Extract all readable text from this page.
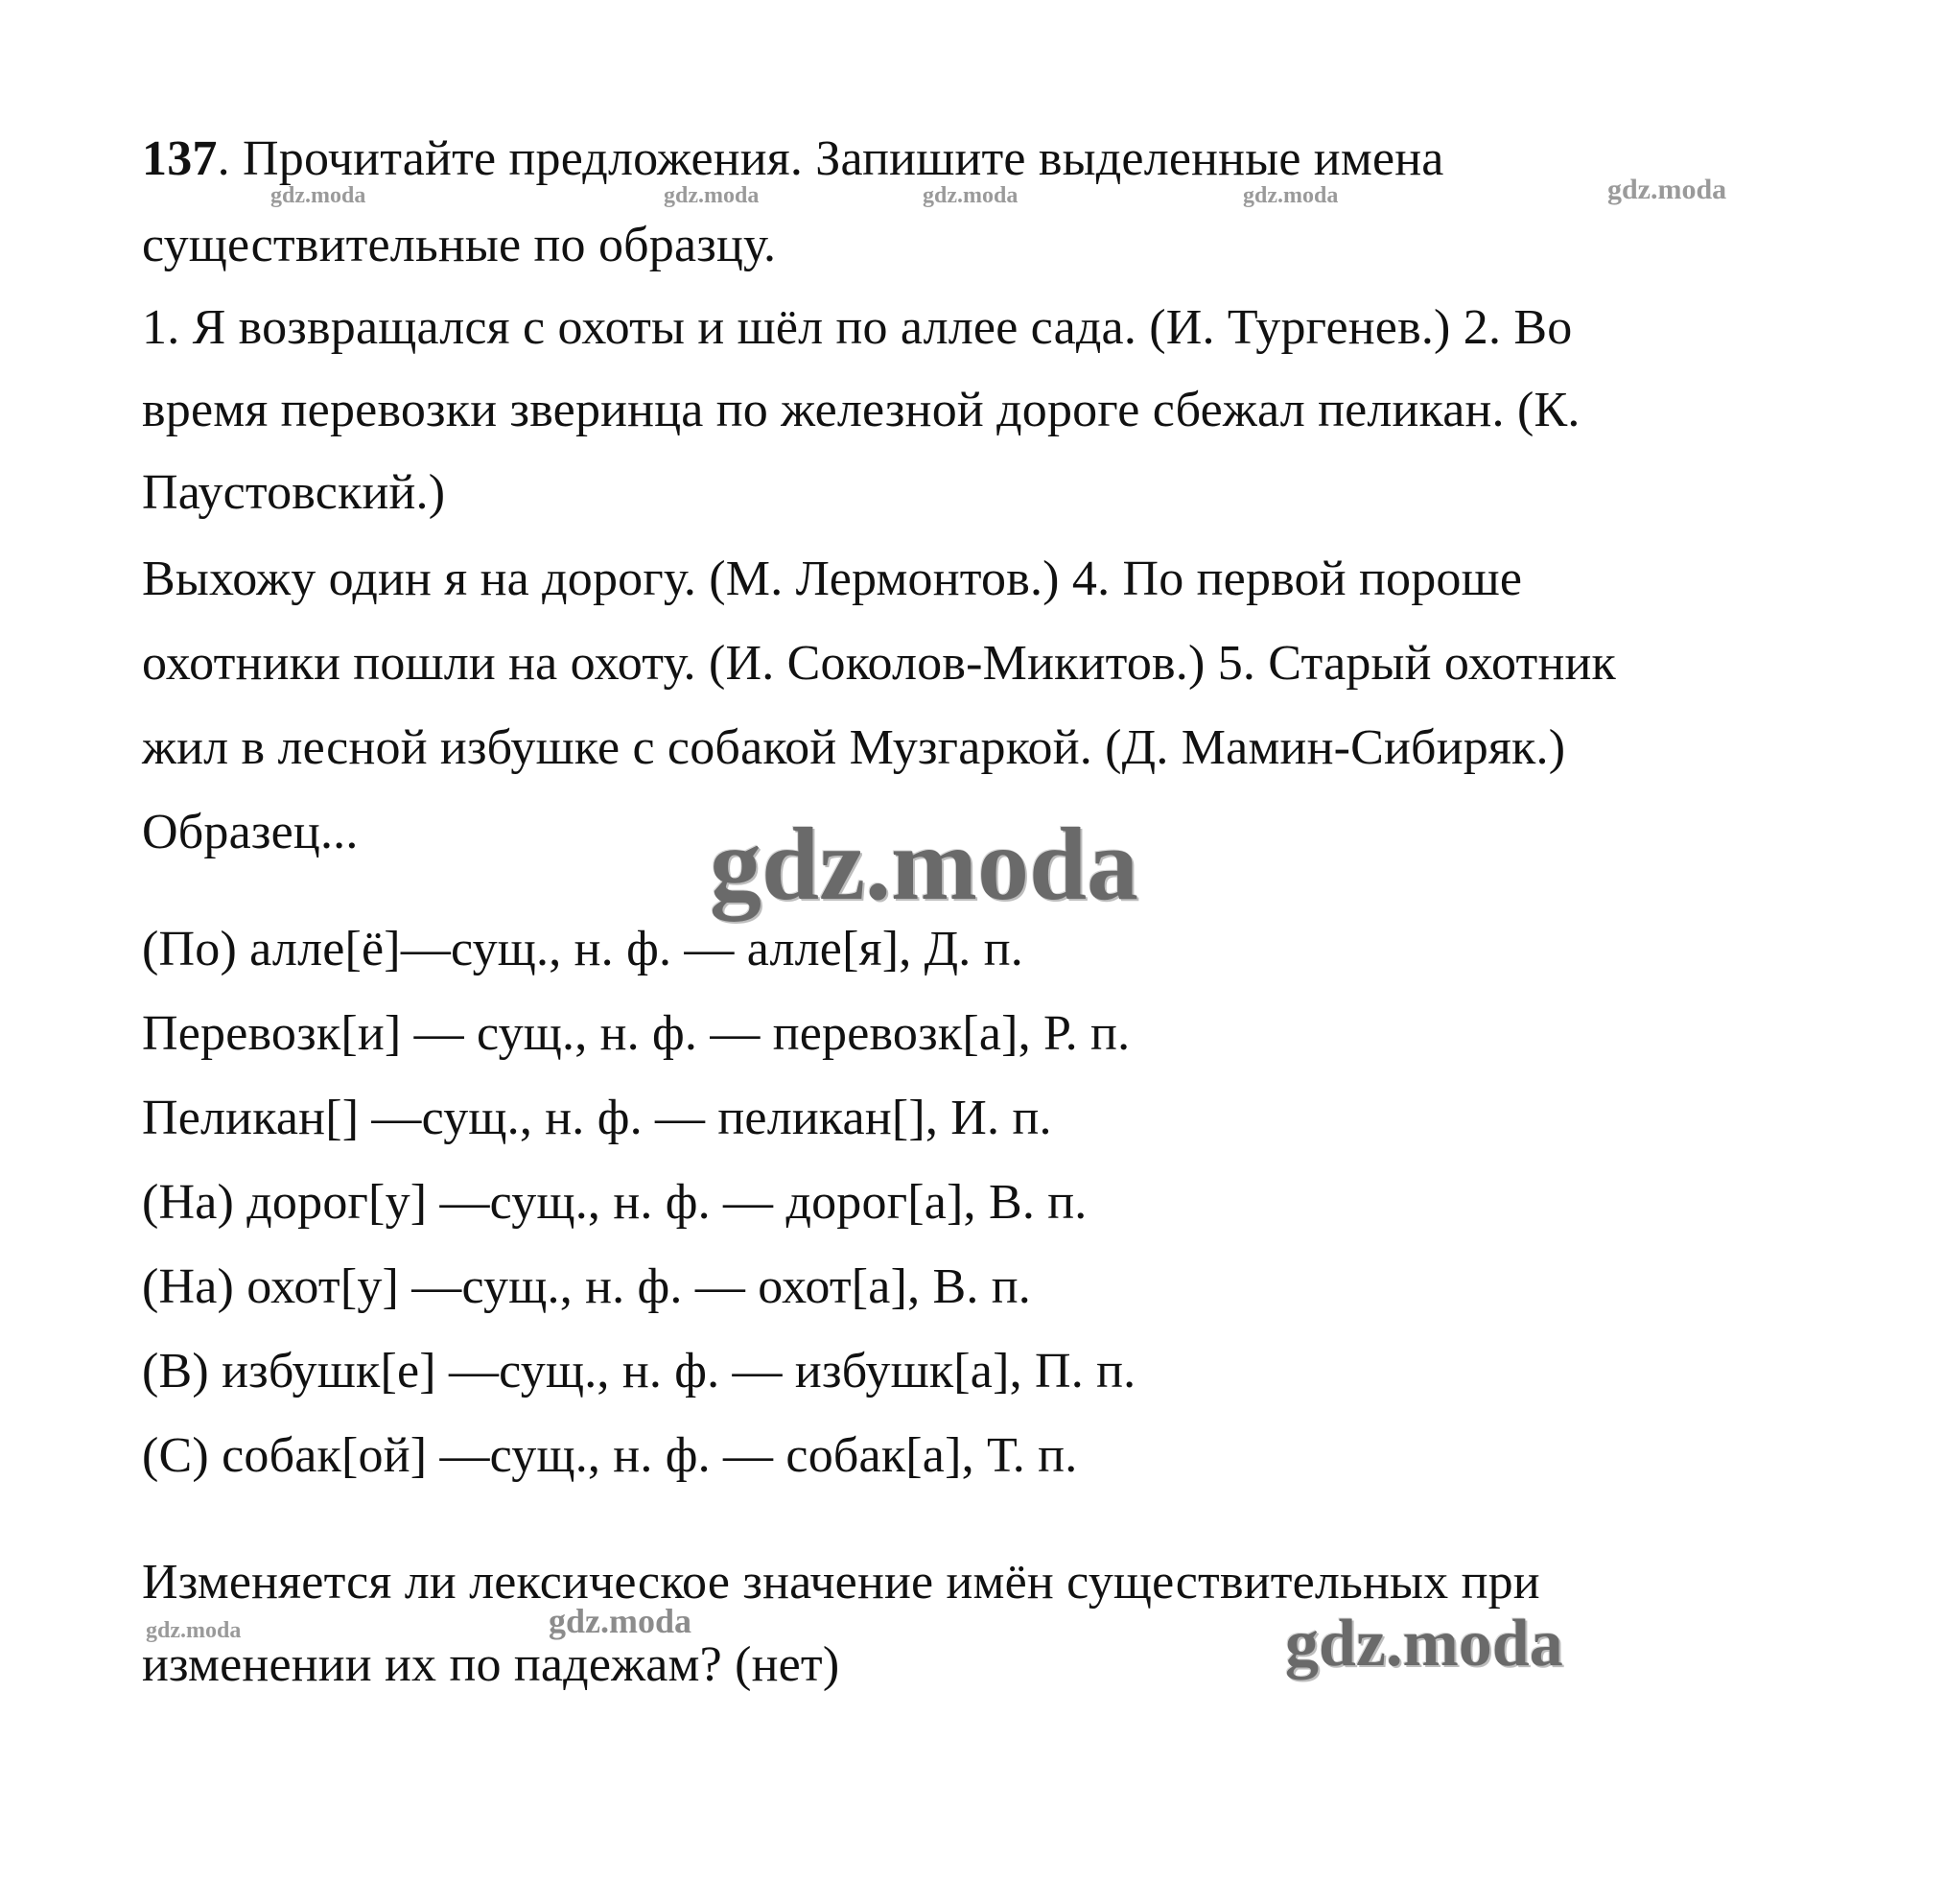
137. Прочитайте предложения. Запишите выделенные имена
существительные по образцу.
1. Я возвращался с охоты и шёл по аллее сада. (И. Тургенев.) 2. Во
время перевозки зверинца по железной дороге сбежал пеликан. (К.
Паустовский.)
Выхожу один я на дорогу. (М. Лермонтов.) 4. По первой пороше
охотники пошли на охоту. (И. Соколов-Микитов.) 5. Старый охотник
жил в лесной избушке с собакой Музгаркой. (Д. Мамин-Сибиряк.)
Образец...
(По) алле[ё]—сущ., н. ф. — алле[я], Д. п.
Перевозк[и] — сущ., н. ф. — перевозк[а], Р. п.
Пеликан[] —сущ., н. ф. — пеликан[], И. п.
(На) дорог[у] —сущ., н. ф. — дорог[а], В. п.
(На) охот[у] —сущ., н. ф. — охот[а], В. п.
(В) избушк[е] —сущ., н. ф. — избушк[а], П. п.
(С) собак[ой] —сущ., н. ф. — собак[а], Т. п.
Изменяется ли лексическое значение имён существительных при
изменении их по падежам? (нет)
gdz.moda	gdz.moda	gdz.moda	gdz.moda	gdz.moda
gdz.moda
gdz.moda	gdz.moda	gdz.moda
